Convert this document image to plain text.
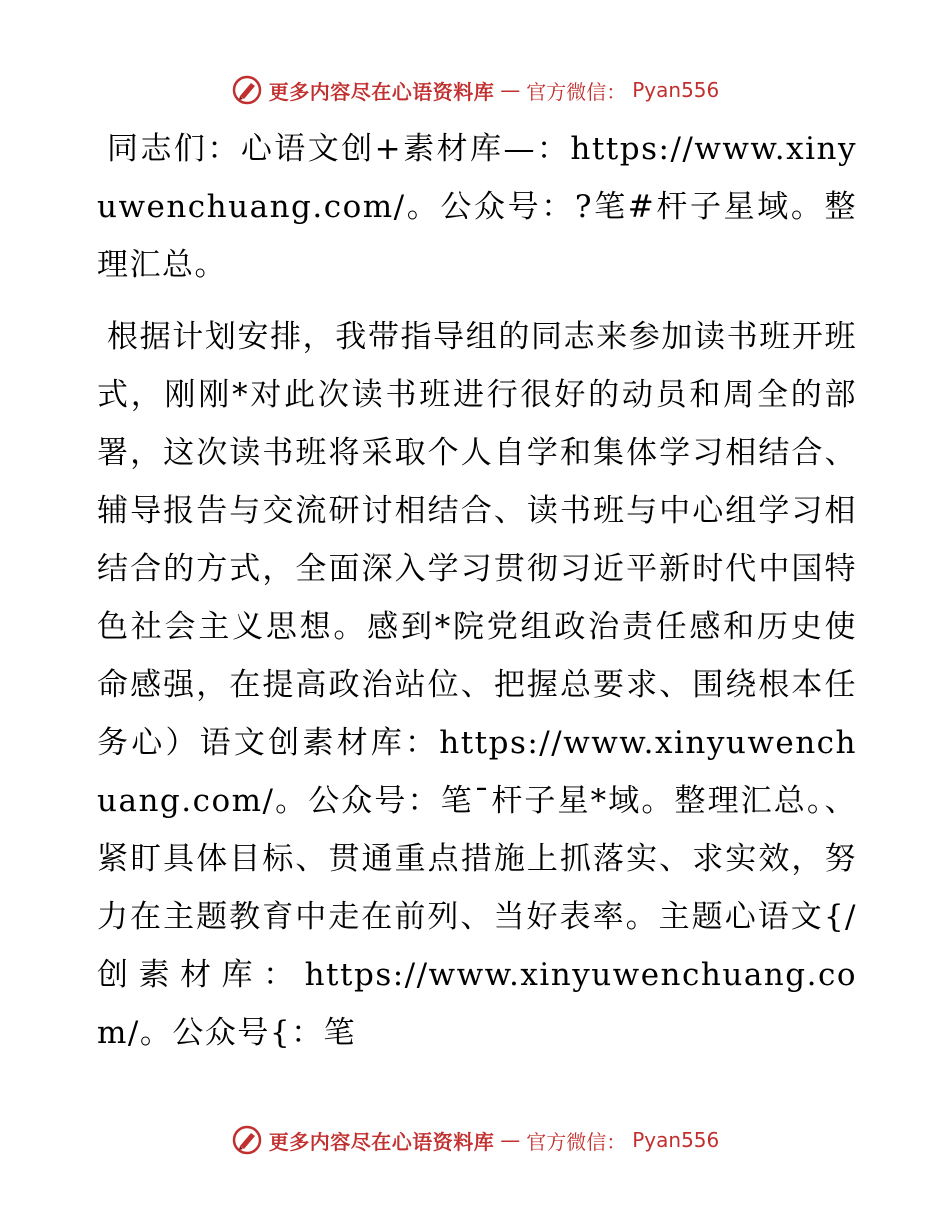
更多内容尽在心语资料库 — 官方微信： Pyan556

同志们：心语文创+素材库—：https://www.xinyuwenchuang.com/。公众号：?笔#杆子星域。整理汇总。

根据计划安排，我带指导组的同志来参加读书班开班式，刚刚*对此次读书班进行很好的动员和周全的部署，这次读书班将采取个人自学和集体学习相结合、辅导报告与交流研讨相结合、读书班与中心组学习相结合的方式，全面深入学习贯彻习近平新时代中国特色社会主义思想。感到*院党组政治责任感和历史使命感强，在提高政治站位、把握总要求、围绕根本任务心）语文创素材库：https://www.xinyuwenchuang.com/。公众号：笔¯杆子星*域。整理汇总。、紧盯具体目标、贯通重点措施上抓落实、求实效，努力在主题教育中走在前列、当好表率。主题心语文{/创素材库：https://www.xinyuwenchuang.com/。公众号{：笔

更多内容尽在心语资料库 — 官方微信： Pyan556
